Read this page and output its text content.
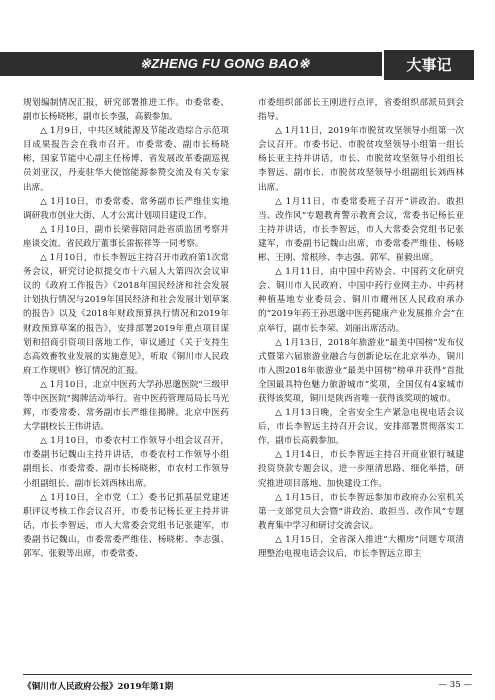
※ZHENG FU GONG BAO※	大事记

规划编制情况汇报，研究部署推进工作。市委常委、副市长杨晓彬，副市长李强，高毅参加。

△ 1月9日，中共区域能源及节能改造综合示范项目成果报告会在我市召开。市委常委、副市长杨晓彬，国家节能中心副主任杨博、省发展改革委副巡视员刘亚汉，丹麦驻华大使馆能源参赞交流及有关专家出席。

△ 1月10日，市委常委、常务副市长严维佳实地调研我市创业大街、人才公寓计划项目建设工作。

△ 1月10日，副市长梁蓉陪同赴省质监团考察并座谈交流。省民政厅董事长雷振祥等一同考察。

△ 1月10日，市长李智远主持召开市政府第1次常务会议，研究讨论拟提交市十六届人大第四次会议审议的《政府工作报告》《2018年国民经济和社会发展计划执行情况与2019年国民经济和社会发展计划草案的报告》以及《2018年财政预算执行情况和2019年财政预算草案的报告》，安排部署2019年重点项目谋划和招商引资项目落地工作，审议通过《关于支持生态高效畜牧业发展的实施意见》，听取《铜川市人民政府工作规则》修订情况的汇报。

△ 1月10日，北京中医药大学孙思邈医院"三级甲等中医医院"揭牌活动举行。省中医药管理局局长马光辉，市委常委、常务副市长严维佳揭牌。北京中医药大学副校长王伟讲话。

△ 1月10日，市委农村工作领导小组会议召开，市委副书记魏山主持并讲话，市委农村工作领导小组副组长、市委常委、副市长杨晓彬，市农村工作领导小组副组长、副市长刘西林出席。

△ 1月10日，全市党（工）委书记抓基层党建述职评议考核工作会议召开，市委书记杨长亚主持并讲话，市长李智远，市人大常委会党组书记张建军，市委副书记魏山，市委常委严维佳、杨晓彬、李志强、郭军、张毅等出席，市委常委、

市委组织部部长王刚进行点评，省委组织部派员到会指导。

△ 1月11日，2019年市脱贫攻坚领导小组第一次会议召开。市委书记、市脱贫攻坚领导小组第一组长杨长亚主持并讲话，市长、市脱贫攻坚领导小组组长李智远、副市长、市脱贫攻坚领导小组副组长刘西林出席。

△ 1月11日，市委常委班子召开“讲政治、敢担当、改作风”专题教育警示教育会议，常委书记杨长亚主持并讲话，市长李智远，市人大常委会党组书记张建军，市委副书记魏山出席，市委常委严维佳、杨晓彬、王刚、常根珍、李志强、郭军、崔毅出席。

△ 1月11日，由中国中药协会、中国药文化研究会、铜川市人民政府、中国中药行业网主办、中药材种植基地专业委员会、铜川市耀州区人民政府承办的“2019年药王孙思邈中医药健康产业发展推介会”在京举行，副市长李荣、刘丽出席活动。

△ 1月13日，2018年旅游业“最美中国榜”发布仪式暨第六届旅游业融合与创新论坛在北京举办，铜川市入围2018年旅游业“最美中国榜”榜单并获得“首批全国最具特色魅力旅游城市”奖项，全国仅有4家城市获得该奖项，铜川是陕西省唯一获得该奖项的城市。

△ 1月13日晚，全省安全生产紧急电视电话会议后，市长李智远主持召开会议，安排部署贯彻落实工作，副市长高毅参加。

△ 1月14日，市长李智远主持召开商业银行城建投资贷款专题会议，进一步厘清思路、细化举措，研究推进项目落地、加快建设工作。

△ 1月15日，市长李智远参加市政府办公室机关第一支部党员大会暨“讲政治、敢担当、改作风”专题教育集中学习和研讨交流会议。

△ 1月15日，全省深入推进“大棚房”问题专项清理整治电视电话会议后，市长李智远立即主

《铜川市人民政府公报》2019年第1期	— 35 —
